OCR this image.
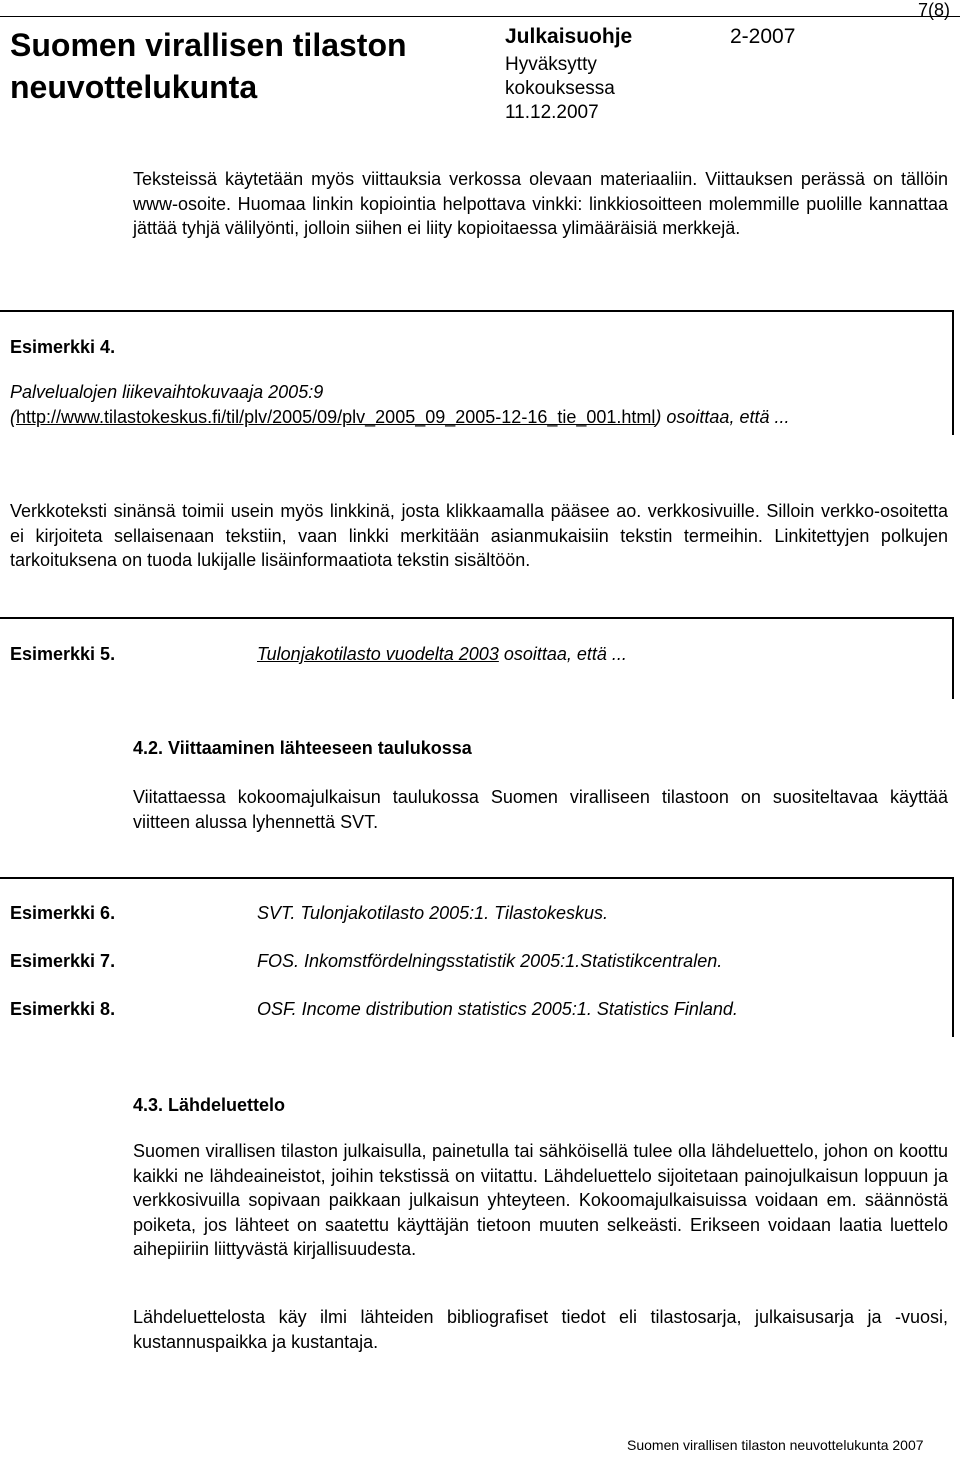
7(8)
Suomen virallisen tilaston neuvottelukunta
Julkaisuohje
Hyväksytty kokouksessa 11.12.2007
2-2007
Teksteissä käytetään myös viittauksia verkossa olevaan materiaaliin. Viittauksen perässä on tällöin www-osoite. Huomaa linkin kopiointia helpottava vinkki: linkkiosoitteen molemmille puolille kannattaa jättää tyhjä välilyönti, jolloin siihen ei liity kopioitaessa ylimääräisiä merkkejä.
Esimerkki 4.
Palvelualojen liikevaihtokuvaaja 2005:9
(http://www.tilastokeskus.fi/til/plv/2005/09/plv_2005_09_2005-12-16_tie_001.html) osoittaa, että ...
Verkkoteksti sinänsä toimii usein myös linkkinä, josta klikkaamalla pääsee ao. verkkosivuille. Silloin verkko-osoitetta ei kirjoiteta sellaisenaan tekstiin, vaan linkki merkitään asianmukaisiin tekstin termeihin. Linkitettyjen polkujen tarkoituksena on tuoda lukijalle lisäinformaatiota tekstin sisältöön.
Esimerkki 5.	Tulonjakotilasto vuodelta 2003 osoittaa, että ...
4.2. Viittaaminen lähteeseen taulukossa
Viitattaessa kokoomajulkaisun taulukossa Suomen viralliseen tilastoon on suositeltavaa käyttää viitteen alussa lyhennettä SVT.
Esimerkki 6.	SVT. Tulonjakotilasto 2005:1. Tilastokeskus.
Esimerkki 7.	FOS. Inkomstfördelningsstatistik 2005:1.Statistikcentralen.
Esimerkki 8.	OSF. Income distribution statistics 2005:1. Statistics Finland.
4.3. Lähdeluettelo
Suomen virallisen tilaston julkaisulla, painetulla tai sähköisellä tulee olla lähdeluettelo, johon on koottu kaikki ne lähdeaineistot, joihin tekstissä on viitattu. Lähdeluettelo sijoitetaan painojulkaisun loppuun ja verkkosivuilla sopivaan paikkaan julkaisun yhteyteen. Kokoomajulkaisuissa voidaan em. säännöstä poiketa, jos lähteet on saatettu käyttäjän tietoon muuten selkeästi. Erikseen voidaan laatia luettelo aihepiiriin liittyvästä kirjallisuudesta.
Lähdeluettelosta käy ilmi lähteiden bibliografiset tiedot eli tilastosarja, julkaisusarja ja -vuosi, kustannuspaikka ja kustantaja.
Suomen virallisen tilaston neuvottelukunta 2007
